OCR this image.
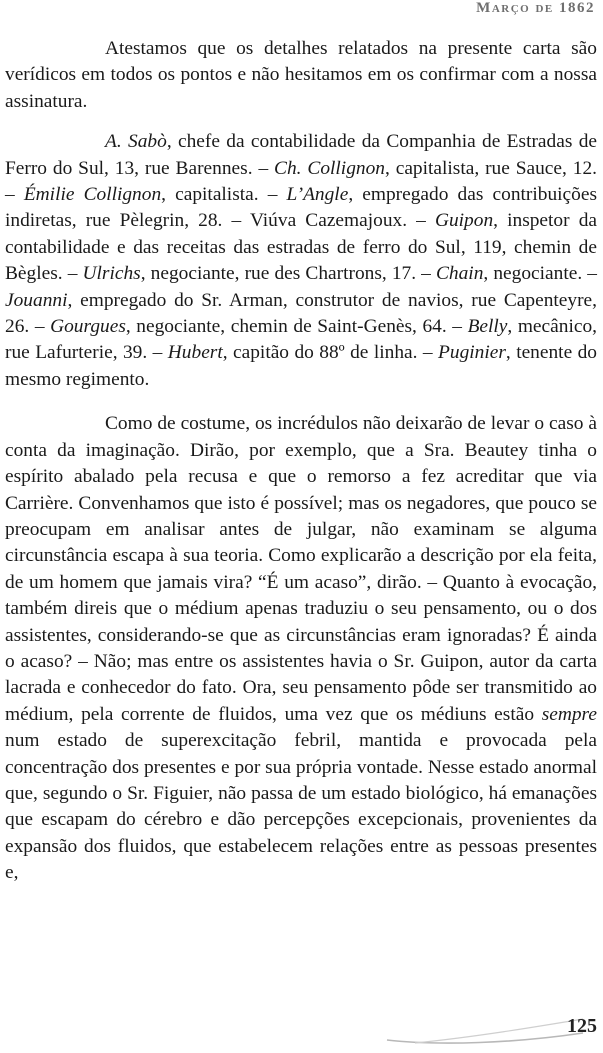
Março de 1862

Atestamos que os detalhes relatados na presente carta são verídicos em todos os pontos e não hesitamos em os confirmar com a nossa assinatura.

A. Sabò, chefe da contabilidade da Companhia de Estradas de Ferro do Sul, 13, rue Barennes. – Ch. Collignon, capitalista, rue Sauce, 12. – Émilie Collignon, capitalista. – L’Angle, empregado das contribuições indiretas, rue Pèlegrin, 28. – Viúva Cazemajoux. – Guipon, inspetor da contabilidade e das receitas das estradas de ferro do Sul, 119, chemin de Bègles. – Ulrichs, negociante, rue des Chartrons, 17. – Chain, negociante. – Jouanni, empregado do Sr. Arman, construtor de navios, rue Capenteyre, 26. – Gourgues, negociante, chemin de Saint-Genès, 64. – Belly, mecânico, rue Lafurterie, 39. – Hubert, capitão do 88º de linha. – Puginier, tenente do mesmo regimento.

Como de costume, os incrédulos não deixarão de levar o caso à conta da imaginação. Dirão, por exemplo, que a Sra. Beautey tinha o espírito abalado pela recusa e que o remorso a fez acreditar que via Carrière. Convenhamos que isto é possível; mas os negadores, que pouco se preocupam em analisar antes de julgar, não examinam se alguma circunstância escapa à sua teoria. Como explicarão a descrição por ela feita, de um homem que jamais vira? “É um acaso”, dirão. – Quanto à evocação, também direis que o médium apenas traduziu o seu pensamento, ou o dos assistentes, considerando-se que as circunstâncias eram ignoradas? É ainda o acaso? – Não; mas entre os assistentes havia o Sr. Guipon, autor da carta lacrada e conhecedor do fato. Ora, seu pensamento pôde ser transmitido ao médium, pela corrente de fluidos, uma vez que os médiuns estão sempre num estado de superexcitação febril, mantida e provocada pela concentração dos presentes e por sua própria vontade. Nesse estado anormal que, segundo o Sr. Figuier, não passa de um estado biológico, há emanações que escapam do cérebro e dão percepções excepcionais, provenientes da expansão dos fluidos, que estabelecem relações entre as pessoas presentes e,

125
